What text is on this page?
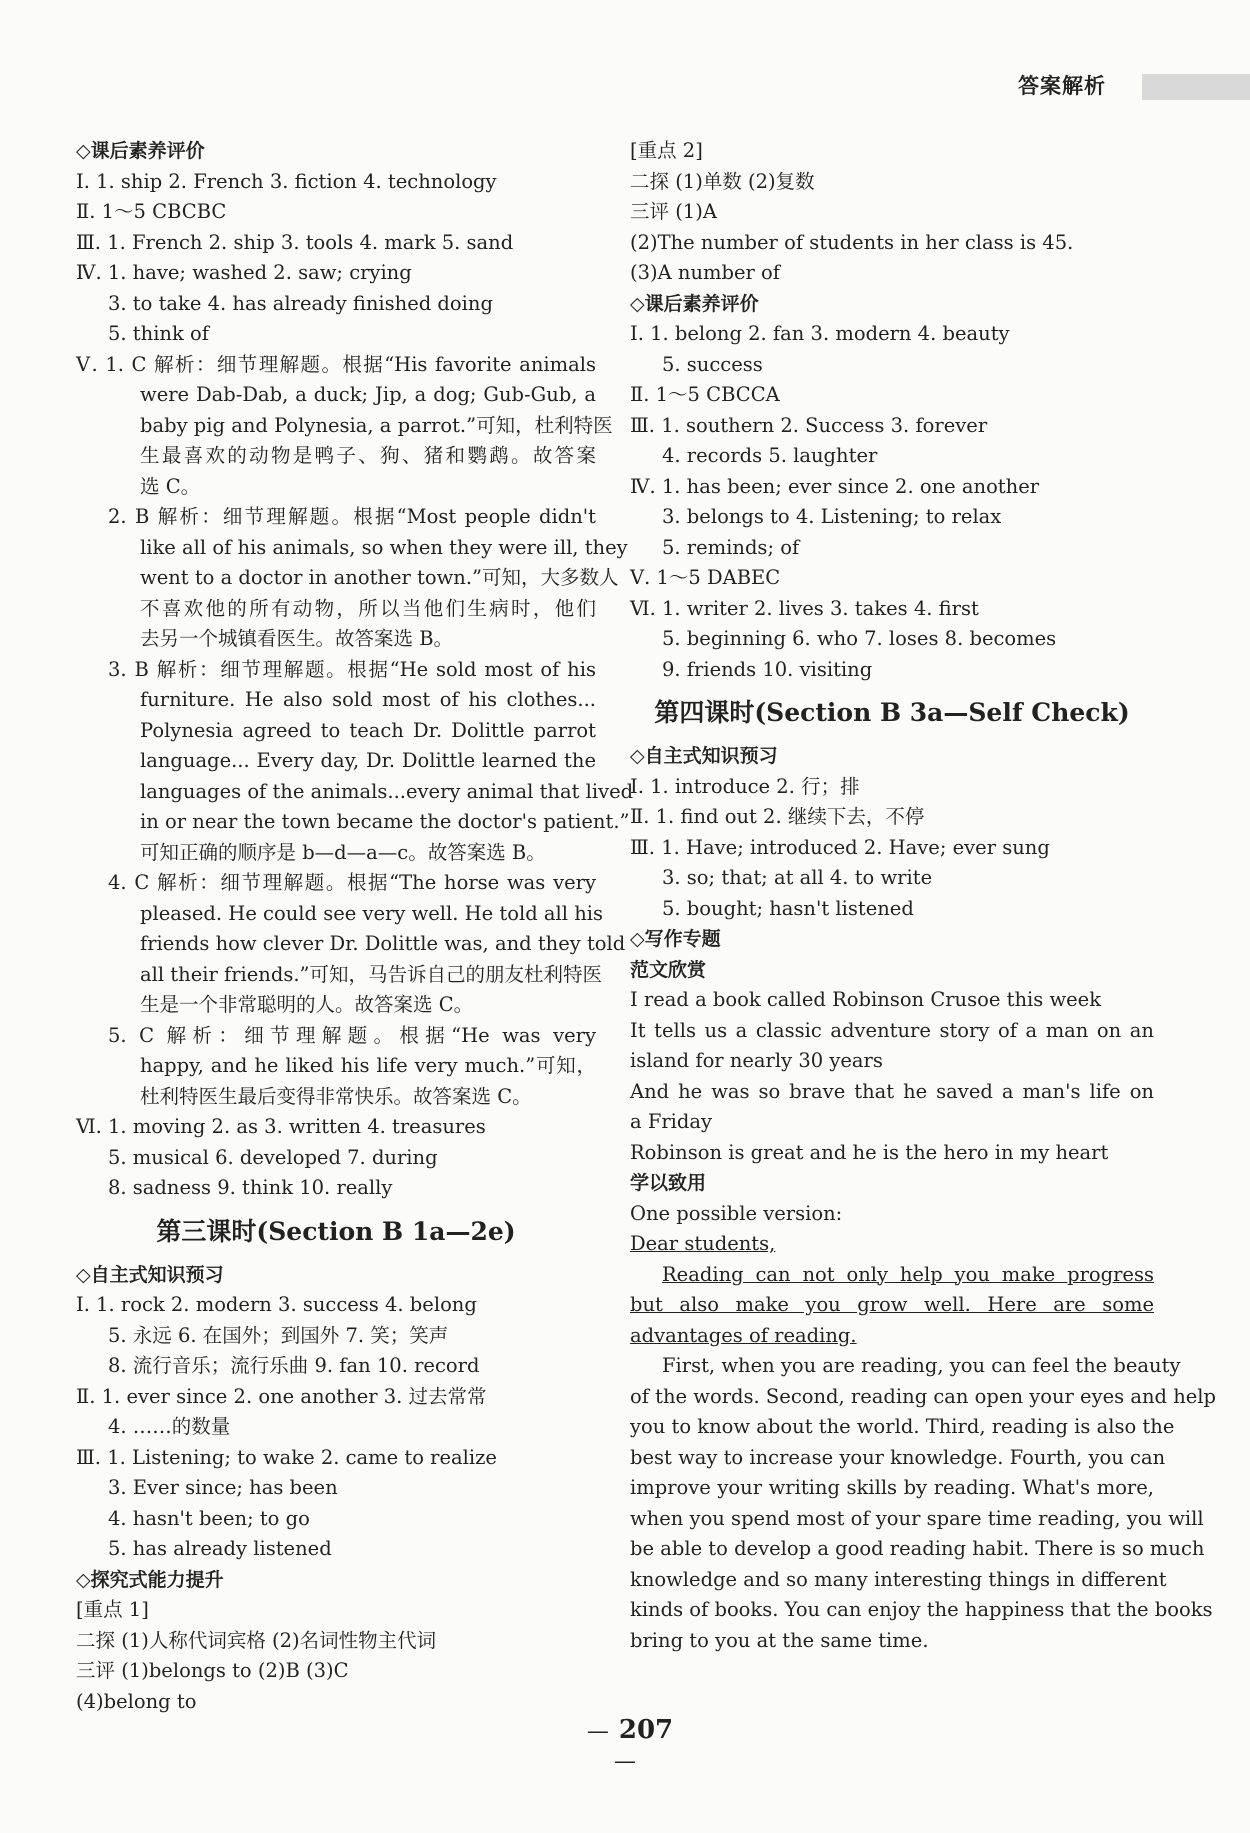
答案解析
◇课后素养评价
Ⅰ. 1. ship 2. French 3. fiction 4. technology
Ⅱ. 1～5 CBCBC
Ⅲ. 1. French 2. ship 3. tools 4. mark 5. sand
Ⅳ. 1. have; washed 2. saw; crying
3. to take 4. has already finished doing
5. think of
Ⅴ. 1. C 解析：细节理解题。根据“His favorite animals
were Dab-Dab, a duck; Jip, a dog; Gub-Gub, a
baby pig and Polynesia, a parrot.”可知，杜利特医
生最喜欢的动物是鸭子、狗、猪和鹦鹉。故答案
选 C。
2. B 解析：细节理解题。根据“Most people didn't
like all of his animals, so when they were ill, they
went to a doctor in another town.”可知，大多数人
不喜欢他的所有动物，所以当他们生病时，他们
去另一个城镇看医生。故答案选 B。
3. B 解析：细节理解题。根据“He sold most of his
furniture. He also sold most of his clothes...
Polynesia agreed to teach Dr. Dolittle parrot
language... Every day, Dr. Dolittle learned the
languages of the animals...every animal that lived
in or near the town became the doctor's patient.”
可知正确的顺序是 b—d—a—c。故答案选 B。
4. C 解析：细节理解题。根据“The horse was very
pleased. He could see very well. He told all his
friends how clever Dr. Dolittle was, and they told
all their friends.”可知，马告诉自己的朋友杜利特医
生是一个非常聪明的人。故答案选 C。
5. C 解析：细节理解题。根据“He was very
happy, and he liked his life very much.”可知，
杜利特医生最后变得非常快乐。故答案选 C。
Ⅵ. 1. moving 2. as 3. written 4. treasures
5. musical 6. developed 7. during
8. sadness 9. think 10. really
第三课时(Section B 1a—2e)
◇自主式知识预习
Ⅰ. 1. rock 2. modern 3. success 4. belong
5. 永远 6. 在国外；到国外 7. 笑；笑声
8. 流行音乐；流行乐曲 9. fan 10. record
Ⅱ. 1. ever since 2. one another 3. 过去常常
4. ……的数量
Ⅲ. 1. Listening; to wake 2. came to realize
3. Ever since; has been
4. hasn't been; to go
5. has already listened
◇探究式能力提升
[重点 1]
二探 (1)人称代词宾格 (2)名词性物主代词
三评 (1)belongs to (2)B (3)C
(4)belong to
[重点 2]
二探 (1)单数 (2)复数
三评 (1)A
(2)The number of students in her class is 45.
(3)A number of
◇课后素养评价
Ⅰ. 1. belong 2. fan 3. modern 4. beauty
5. success
Ⅱ. 1～5 CBCCA
Ⅲ. 1. southern 2. Success 3. forever
4. records 5. laughter
Ⅳ. 1. has been; ever since 2. one another
3. belongs to 4. Listening; to relax
5. reminds; of
Ⅴ. 1～5 DABEC
Ⅵ. 1. writer 2. lives 3. takes 4. first
5. beginning 6. who 7. loses 8. becomes
9. friends 10. visiting
第四课时(Section B 3a—Self Check)
◇自主式知识预习
Ⅰ. 1. introduce 2. 行；排
Ⅱ. 1. find out 2. 继续下去，不停
Ⅲ. 1. Have; introduced 2. Have; ever sung
3. so; that; at all 4. to write
5. bought; hasn't listened
◇写作专题
范文欣赏
I read a book called Robinson Crusoe this week
It tells us a classic adventure story of a man on an
island for nearly 30 years
And he was so brave that he saved a man's life on
a Friday
Robinson is great and he is the hero in my heart
学以致用
One possible version:
Dear students,
Reading can not only help you make progress
but also make you grow well. Here are some
advantages of reading.
First, when you are reading, you can feel the beauty
of the words. Second, reading can open your eyes and help
you to know about the world. Third, reading is also the
best way to increase your knowledge. Fourth, you can
improve your writing skills by reading. What's more,
when you spend most of your spare time reading, you will
be able to develop a good reading habit. There is so much
knowledge and so many interesting things in different
kinds of books. You can enjoy the happiness that the books
bring to you at the same time.
— 207—
